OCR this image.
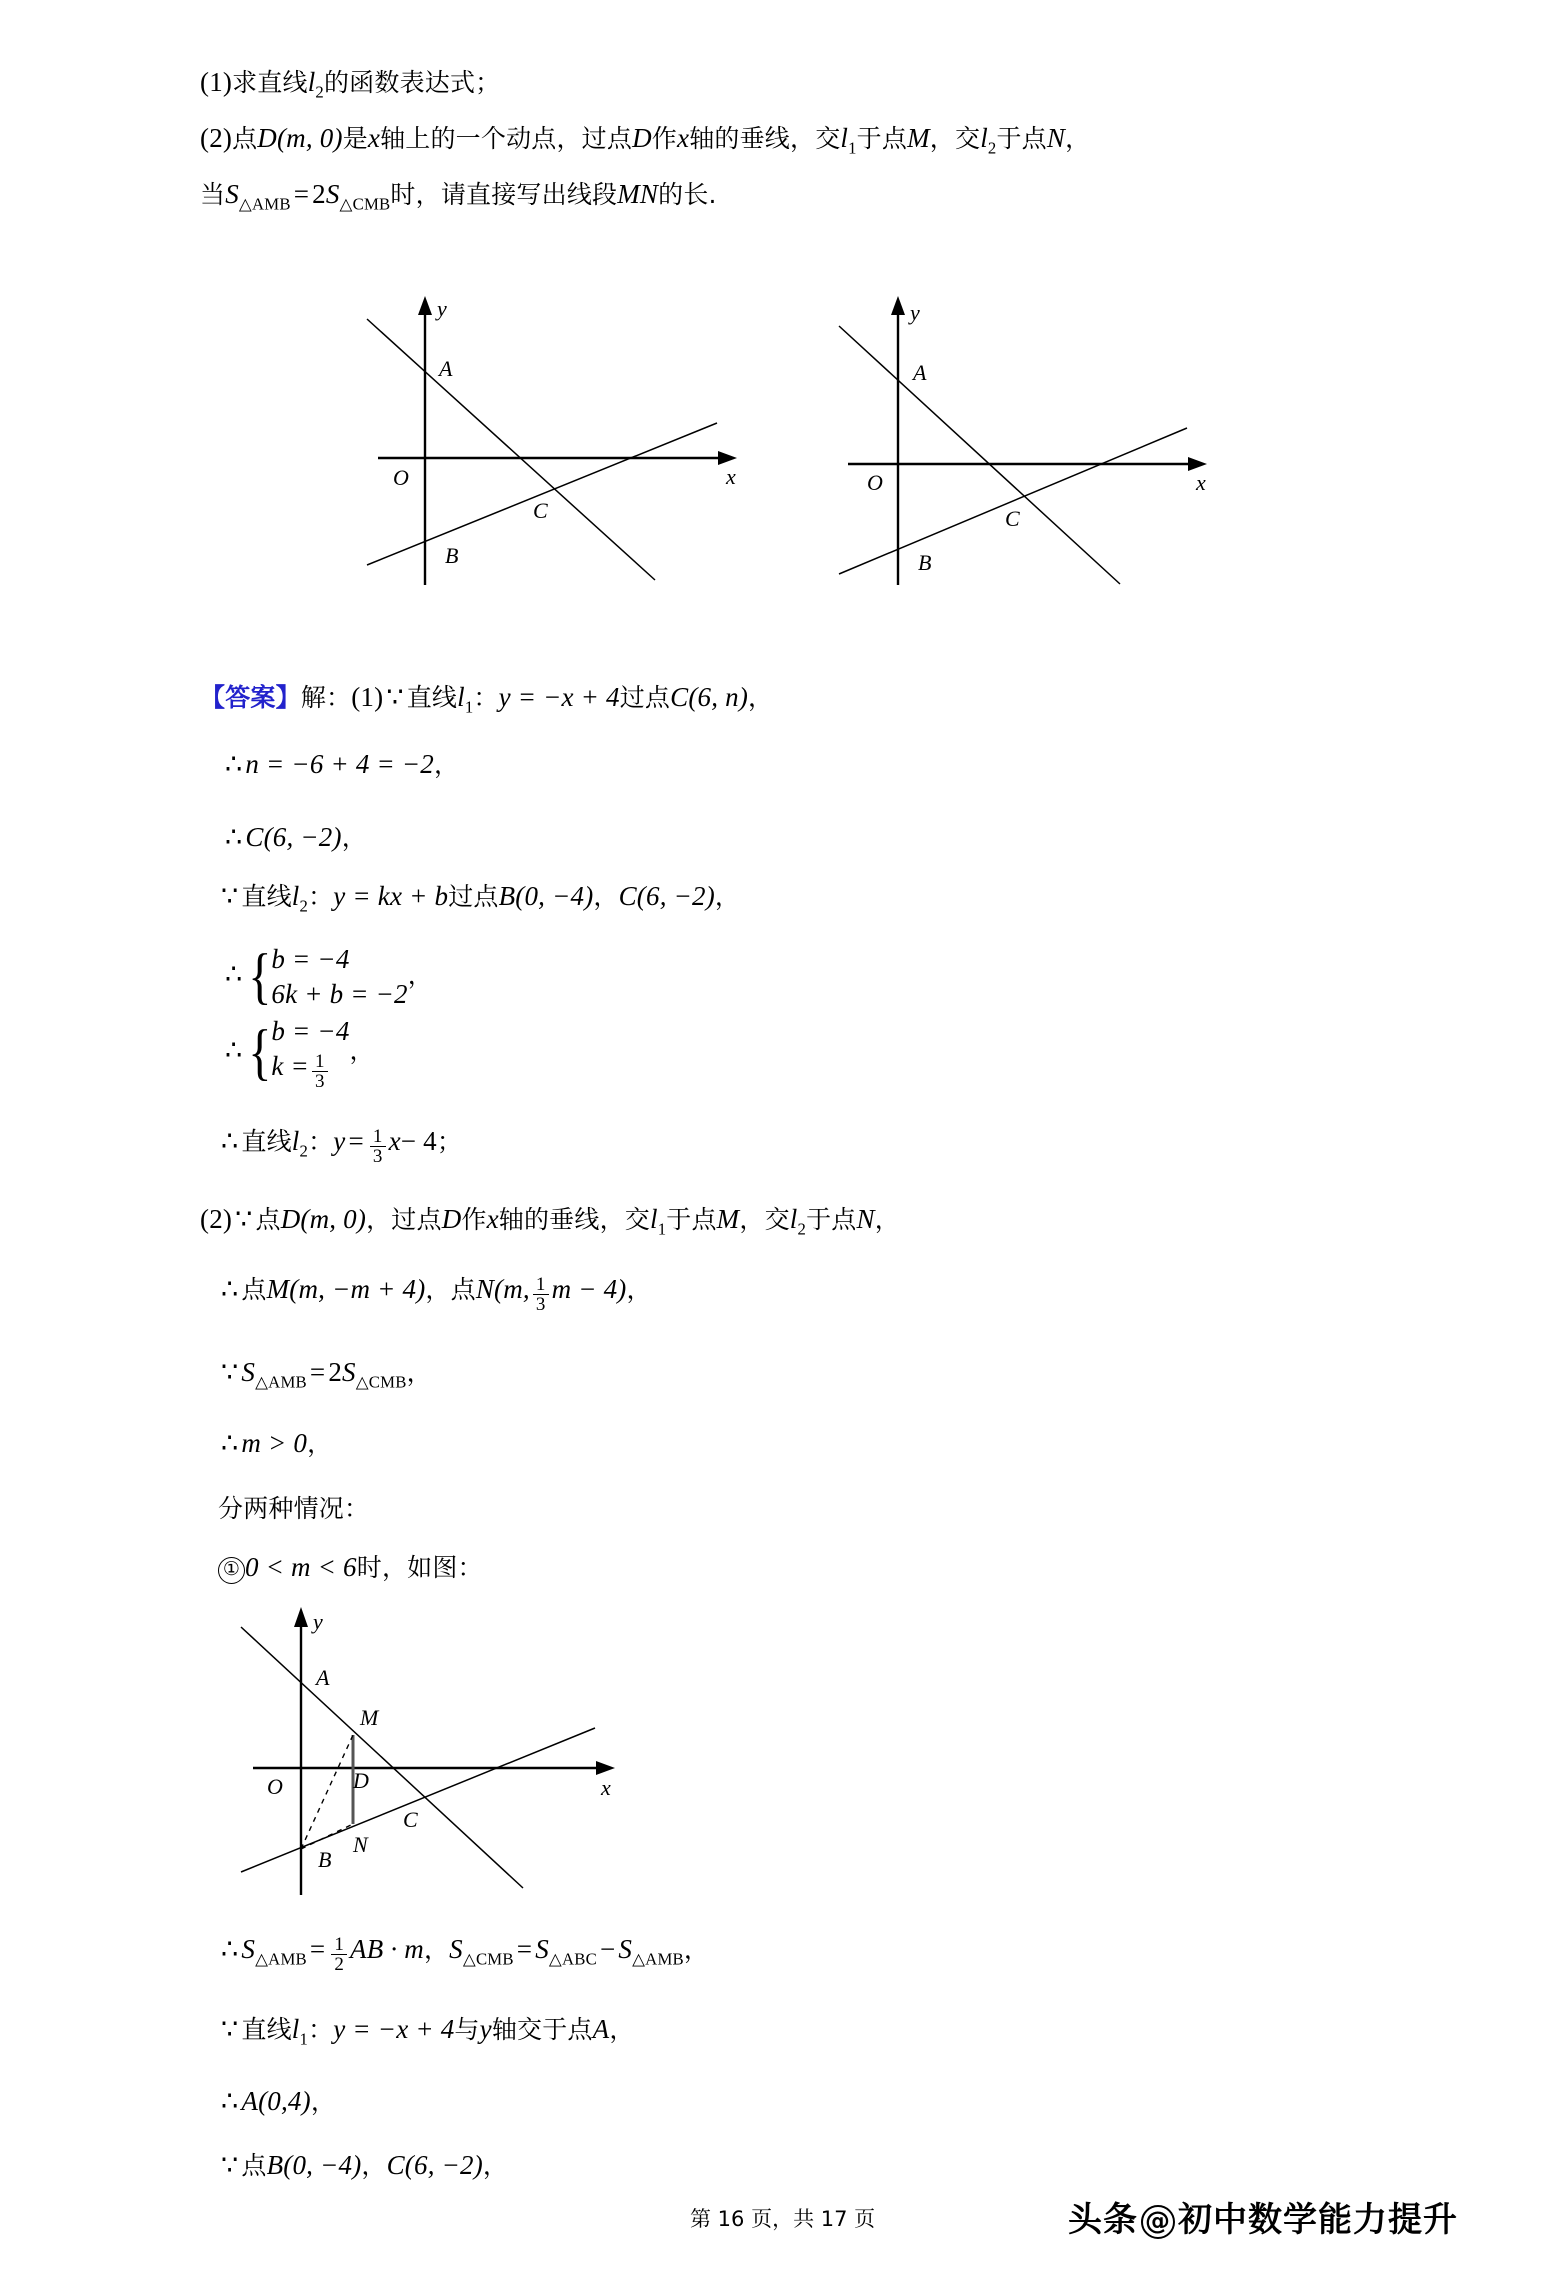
(1)求直线$l_2$的函数表达式；
(2)点D(m, 0)是x轴上的一个动点，过点D作x轴的垂线，交$l_1$于点M，交$l_2$于点N，
当$S_{\triangle AMB} = 2S_{\triangle CMB}$时，请直接写出线段MN的长.
A
B
C
O
y
x
A
B
C
O
y
x
【答案】解：(1) ∵ 直线$l_1$：y = −x + 4过点C(6, n)，
∴ n = −6 + 4 = −2，
∴ C(6, −2)，
∵ 直线$l_2$：y = kx + b过点B(0, −4)，C(6, −2)，
∴ { b = −4
6k + b = −2
，
∴ { b = −4
$k = \frac{1}{3}$
，
∴ 直线$l_2$：$y = \frac{1}{3} x- 4$；
(2) ∵ 点D(m, 0)，过点D作x轴的垂线，交$l_1$于点M，交$l_2$于点N，
∴ 点M(m, −m + 4)，点N(m, $\frac{1}{3}$ m − 4)，
∵ $S_{\triangle AMB} = 2S_{\triangle CMB}$，
∴ m > 0，
分两种情况：
① 0 < m < 6时，如图：
A
B
C
D
M
N
O
y
x
∴ $S_{\triangle AMB} = \frac{1}{2}$ AB · m，$S_{\triangle CMB} = S_{\triangle ABC} - S_{\triangle AMB}$，
∵ 直线$l_1$：y = −x + 4与y轴交于点A，
∴ A(0,4)，
∵ 点B(0, −4)，C(6, −2)，
第 16 页，共 17 页	头条 @ 初中数学能力提升
